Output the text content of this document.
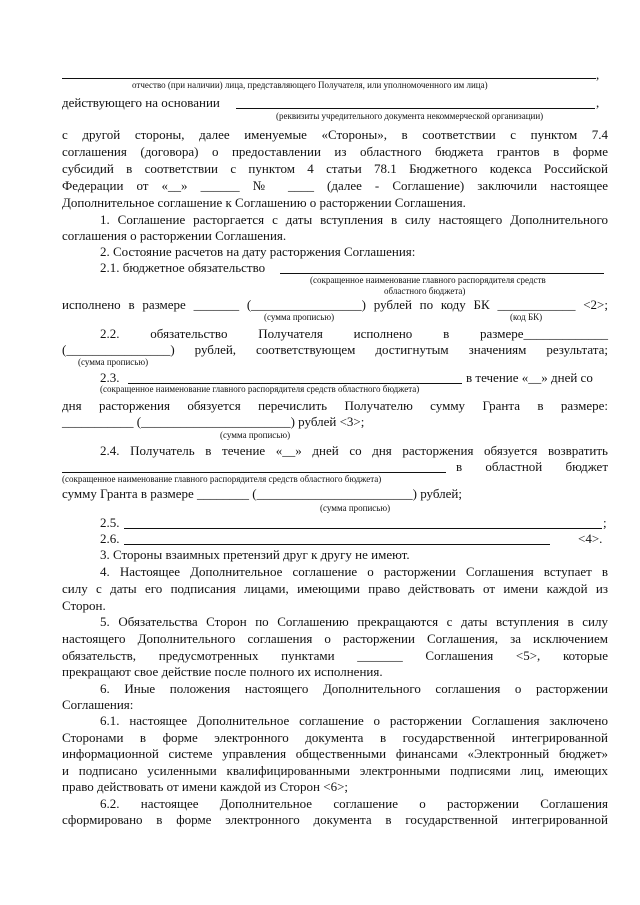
,
отчество (при наличии) лица, представляющего Получателя, или уполномоченного им лица)
действующего на основании	,
(реквизиты учредительного документа некоммерческой организации)
с другой стороны, далее именуемые «Стороны», в соответствии с пунктом 7.4
соглашения (договора) о предоставлении из областного бюджета грантов в форме
субсидий в соответствии с пунктом 4 статьи 78.1 Бюджетного кодекса Российской
Федерации от «__» ______ № ____ (далее - Соглашение) заключили настоящее
Дополнительное соглашение к Соглашению о расторжении Соглашения.
1. Соглашение расторгается с даты вступления в силу настоящего Дополнительного
соглашения о расторжении Соглашения.
2. Состояние расчетов на дату расторжения Соглашения:
2.1. бюджетное обязательство
(сокращенное наименование главного распорядителя средств
областного бюджета)
исполнено в размере _______ (_________________) рублей по коду БК ____________ <2>;
(сумма прописью)	(код БК)
2.2. обязательство Получателя исполнено в размере_____________
(________________) рублей, соответствующем достигнутым значениям результата;
(сумма прописью)
2.3.	в течение «__» дней со
(сокращенное наименование главного распорядителя средств областного бюджета)
дня расторжения обязуется перечислить Получателю сумму Гранта в размере:
___________ (_______________________) рублей <3>;
(сумма прописью)
2.4. Получатель в течение «__» дней со дня расторжения обязуется возвратить
в областной бюджет
(сокращенное наименование главного распорядителя средств областного бюджета)
сумму Гранта в размере ________ (________________________) рублей;
(сумма прописью)
2.5.	;
2.6.	<4>.
3. Стороны взаимных претензий друг к другу не имеют.
4. Настоящее Дополнительное соглашение о расторжении Соглашения вступает в
силу с даты его подписания лицами, имеющими право действовать от имени каждой из
Сторон.
5. Обязательства Сторон по Соглашению прекращаются с даты вступления в силу
настоящего Дополнительного соглашения о расторжении Соглашения, за исключением
обязательств, предусмотренных пунктами _______ Соглашения <5>, которые
прекращают свое действие после полного их исполнения.
6. Иные положения настоящего Дополнительного соглашения о расторжении
Соглашения:
6.1. настоящее Дополнительное соглашение о расторжении Соглашения заключено
Сторонами в форме электронного документа в государственной интегрированной
информационной системе управления общественными финансами «Электронный бюджет»
и подписано усиленными квалифицированными электронными подписями лиц, имеющих
право действовать от имени каждой из Сторон <6>;
6.2. настоящее Дополнительное соглашение о расторжении Соглашения
сформировано в форме электронного документа в государственной интегрированной
